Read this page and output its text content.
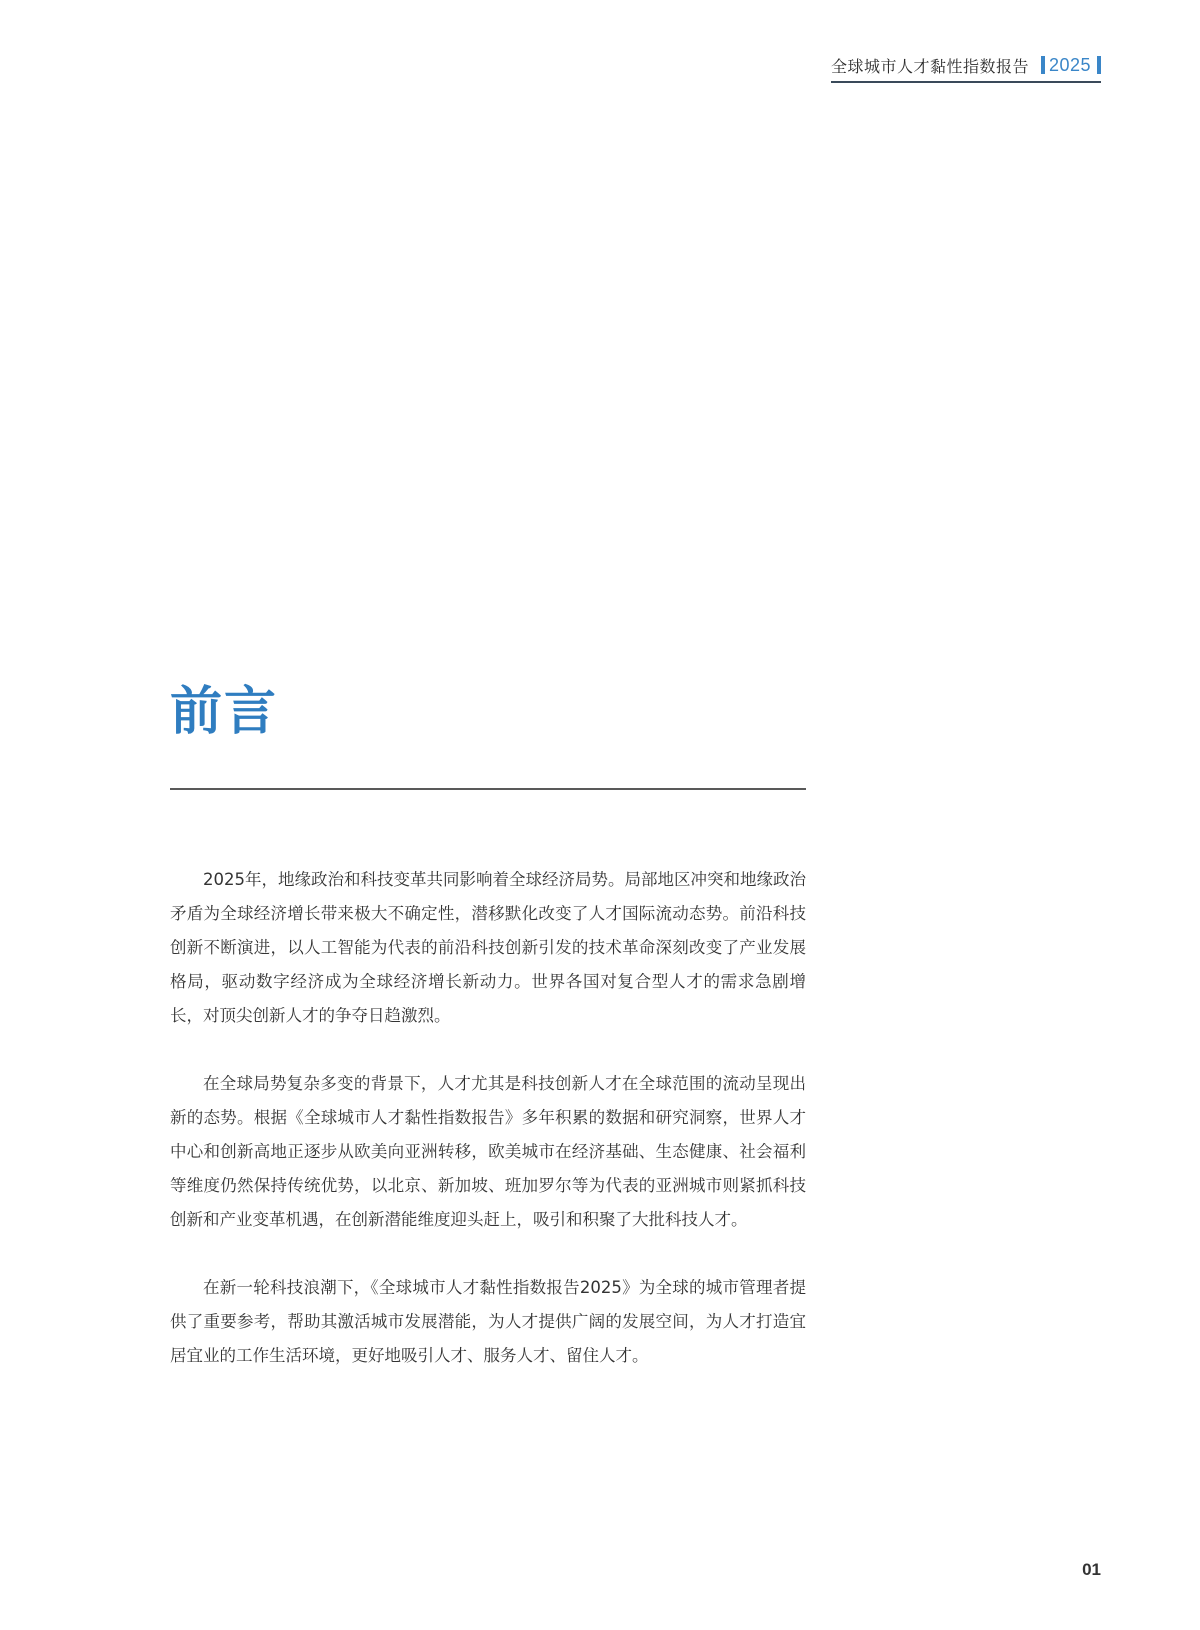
全球城市人才黏性指数报告 2025
前言

2025年，地缘政治和科技变革共同影响着全球经济局势。局部地区冲突和地缘政治矛盾为全球经济增长带来极大不确定性，潜移默化改变了人才国际流动态势。前沿科技创新不断演进，以人工智能为代表的前沿科技创新引发的技术革命深刻改变了产业发展格局，驱动数字经济成为全球经济增长新动力。世界各国对复合型人才的需求急剧增长，对顶尖创新人才的争夺日趋激烈。

在全球局势复杂多变的背景下，人才尤其是科技创新人才在全球范围的流动呈现出新的态势。根据《全球城市人才黏性指数报告》多年积累的数据和研究洞察，世界人才中心和创新高地正逐步从欧美向亚洲转移，欧美城市在经济基础、生态健康、社会福利等维度仍然保持传统优势，以北京、新加坡、班加罗尔等为代表的亚洲城市则紧抓科技创新和产业变革机遇，在创新潜能维度迎头赶上，吸引和积聚了大批科技人才。

在新一轮科技浪潮下，《全球城市人才黏性指数报告2025》为全球的城市管理者提供了重要参考，帮助其激活城市发展潜能，为人才提供广阔的发展空间，为人才打造宜居宜业的工作生活环境，更好地吸引人才、服务人才、留住人才。

01
